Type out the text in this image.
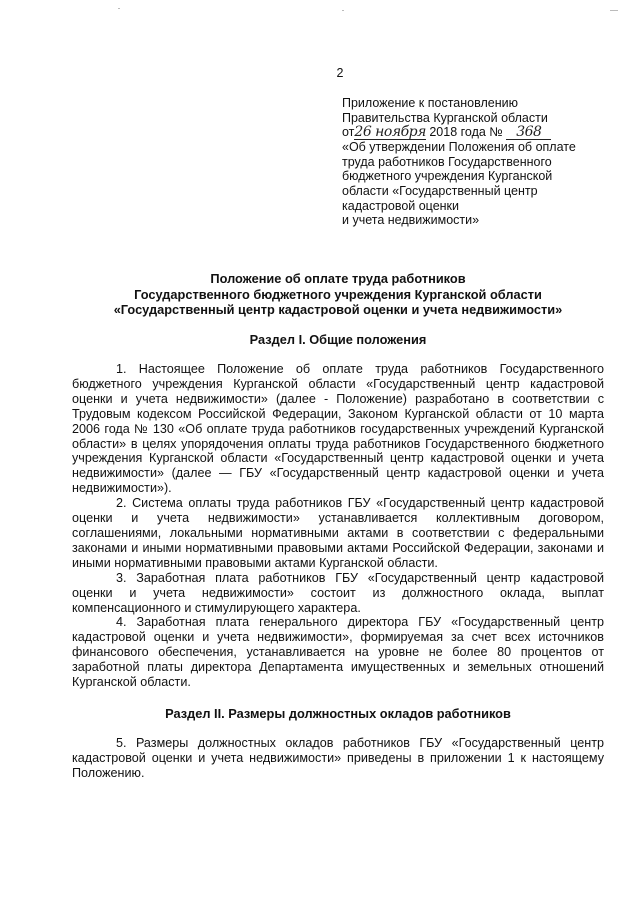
2
Приложение к постановлению
Правительства Курганской области
от26 ноября 2018 года № 368
«Об утверждении Положения об оплате
труда работников Государственного
бюджетного учреждения Курганской
области «Государственный центр
кадастровой оценки
и учета недвижимости»
Положение об оплате труда работников
Государственного бюджетного учреждения Курганской области
«Государственный центр кадастровой оценки и учета недвижимости»
Раздел I. Общие положения

1. Настоящее Положение об оплате труда работников Государственного бюджетного учреждения Курганской области «Государственный центр кадастровой оценки и учета недвижимости» (далее - Положение) разработано в соответствии с Трудовым кодексом Российской Федерации, Законом Курганской области от 10 марта 2006 года № 130 «Об оплате труда работников государственных учреждений Курганской области» в целях упорядочения оплаты труда работников Государственного бюджетного учреждения Курганской области «Государственный центр кадастровой оценки и учета недвижимости» (далее — ГБУ «Государственный центр кадастровой оценки и учета недвижимости»).

2. Система оплаты труда работников ГБУ «Государственный центр кадастровой оценки и учета недвижимости» устанавливается коллективным договором, соглашениями, локальными нормативными актами в соответствии с федеральными законами и иными нормативными правовыми актами Российской Федерации, законами и иными нормативными правовыми актами Курганской области.

3. Заработная плата работников ГБУ «Государственный центр кадастровой оценки и учета недвижимости» состоит из должностного оклада, выплат компенсационного и стимулирующего характера.

4. Заработная плата генерального директора ГБУ «Государственный центр кадастровой оценки и учета недвижимости», формируемая за счет всех источников финансового обеспечения, устанавливается на уровне не более 80 процентов от заработной платы директора Департамента имущественных и земельных отношений Курганской области.

Раздел II. Размеры должностных окладов работников

5. Размеры должностных окладов работников ГБУ «Государственный центр кадастровой оценки и учета недвижимости» приведены в приложении 1 к настоящему Положению.
